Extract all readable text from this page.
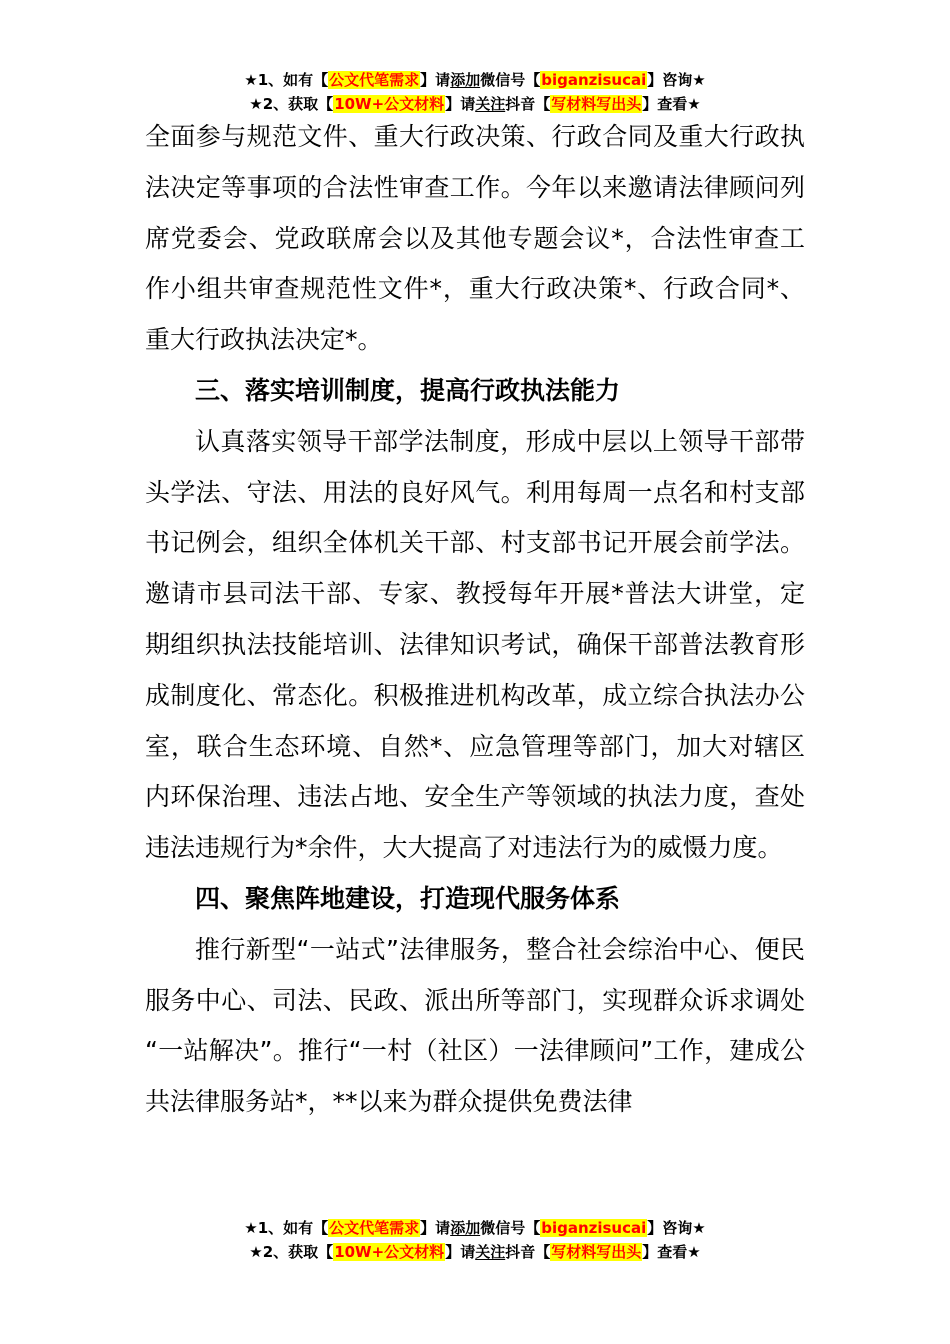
★1、如有【公文代笔需求】请添加微信号【biganzisucai】咨询★
★2、获取【10W+公文材料】请关注抖音【写材料写出头】查看★

全面参与规范文件、重大行政决策、行政合同及重大行政执法决定等事项的合法性审查工作。今年以来邀请法律顾问列席党委会、党政联席会以及其他专题会议*，合法性审查工作小组共审查规范性文件*，重大行政决策*、行政合同*、重大行政执法决定*。

三、落实培训制度，提高行政执法能力

认真落实领导干部学法制度，形成中层以上领导干部带头学法、守法、用法的良好风气。利用每周一点名和村支部书记例会，组织全体机关干部、村支部书记开展会前学法。邀请市县司法干部、专家、教授每年开展*普法大讲堂，定期组织执法技能培训、法律知识考试，确保干部普法教育形成制度化、常态化。积极推进机构改革，成立综合执法办公室，联合生态环境、自然*、应急管理等部门，加大对辖区内环保治理、违法占地、安全生产等领域的执法力度，查处违法违规行为*余件，大大提高了对违法行为的威慑力度。

四、聚焦阵地建设，打造现代服务体系

推行新型“一站式”法律服务，整合社会综治中心、便民服务中心、司法、民政、派出所等部门，实现群众诉求调处 “一站解决”。推行“一村（社区）一法律顾问”工作，建成公共法律服务站*，**以来为群众提供免费法律

★1、如有【公文代笔需求】请添加微信号【biganzisucai】咨询★
★2、获取【10W+公文材料】请关注抖音【写材料写出头】查看★
